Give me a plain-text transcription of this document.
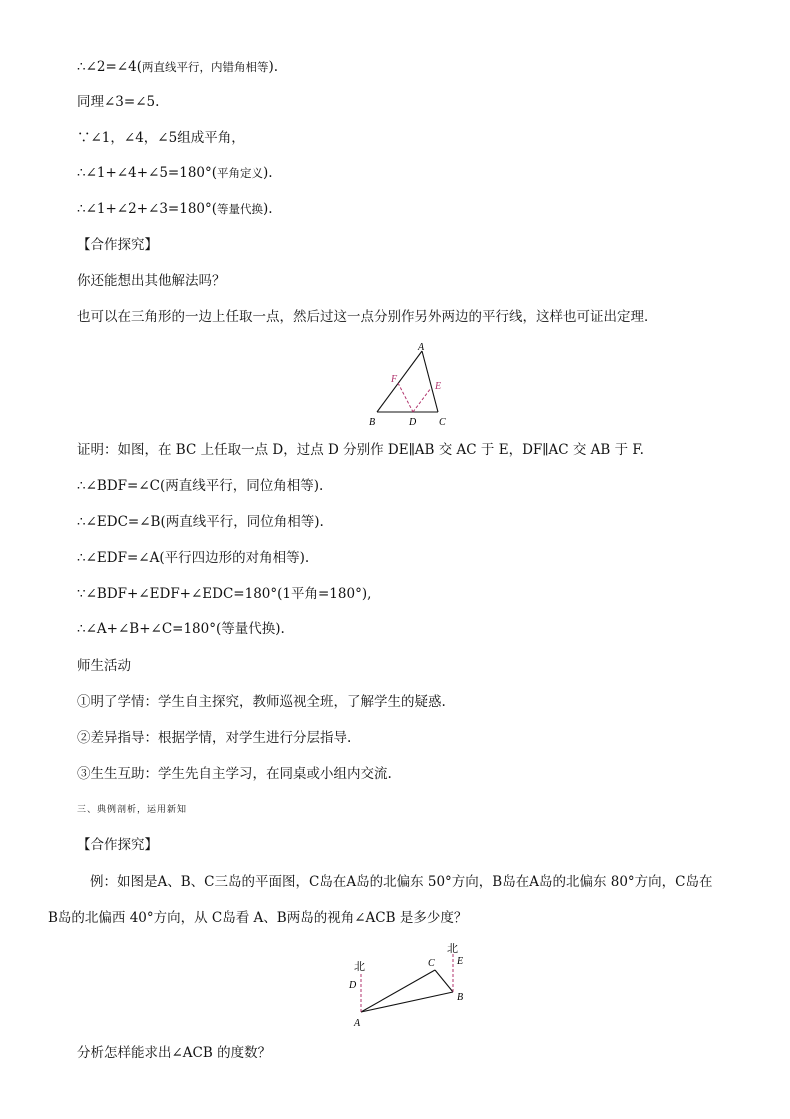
∴∠2=∠4(两直线平行，内错角相等).
同理∠3=∠5.
∵∠1，∠4，∠5组成平角，
∴∠1+∠4+∠5=180°(平角定义).
∴∠1+∠2+∠3=180°(等量代换).
【合作探究】
你还能想出其他解法吗？
也可以在三角形的一边上任取一点，然后过这一点分别作另外两边的平行线，这样也可证出定理．
A
B	C
D
E
F
证明：如图，在 BC 上任取一点 D，过点 D 分别作 DE∥AB 交 AC 于 E，DF∥AC 交 AB 于 F.
∴∠BDF=∠C(两直线平行，同位角相等).
∴∠EDC=∠B(两直线平行，同位角相等).
∴∠EDF=∠A(平行四边形的对角相等).
∵∠BDF+∠EDF+∠EDC=180°(1平角=180°),
∴∠A+∠B+∠C=180°(等量代换).
师生活动
①明了学情：学生自主探究，教师巡视全班，了解学生的疑惑.
②差异指导：根据学情，对学生进行分层指导.
③生生互助：学生先自主学习，在同桌或小组内交流.
三、典例剖析，运用新知
【合作探究】
例：如图是A、B、C三岛的平面图，C岛在A岛的北偏东 50°方向，B岛在A岛的北偏东 80°方向，C岛在
B岛的北偏西 40°方向，从 C岛看 A、B两岛的视角∠ACB 是多少度？
北
北
A
B
C
D
E
分析怎样能求出∠ACB 的度数？
